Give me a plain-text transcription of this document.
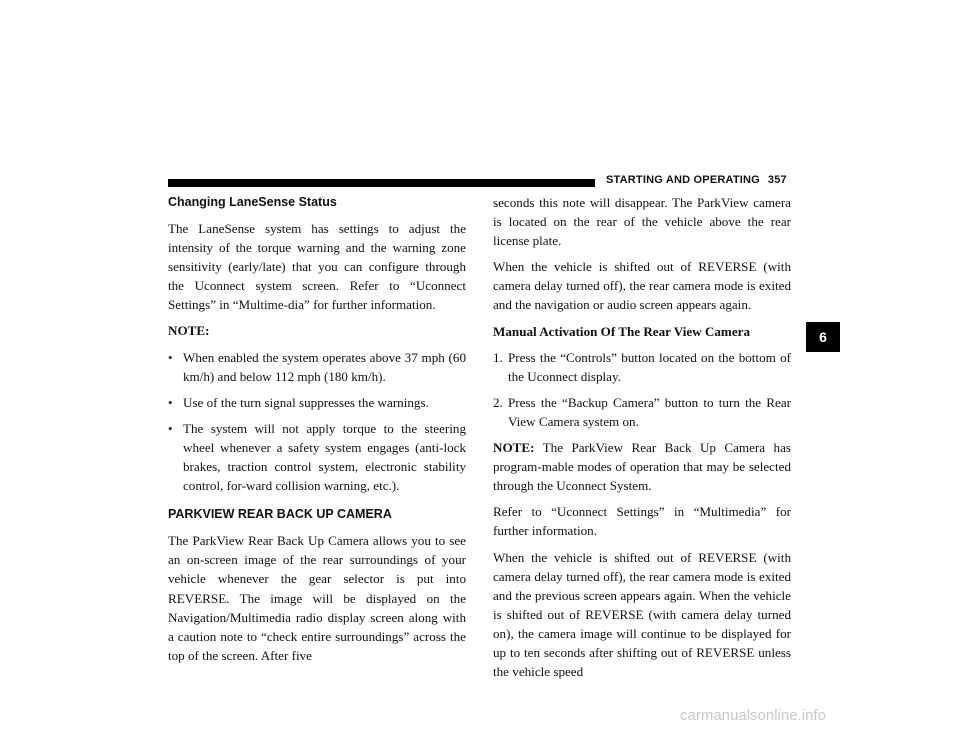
STARTING AND OPERATING 357
6
Changing LaneSense Status

The LaneSense system has settings to adjust the intensity of the torque warning and the warning zone sensitivity (early/late) that you can configure through the Uconnect system screen. Refer to “Uconnect Settings” in “Multime-dia” for further information.

NOTE:

• When enabled the system operates above 37 mph (60 km/h) and below 112 mph (180 km/h).
• Use of the turn signal suppresses the warnings.
• The system will not apply torque to the steering wheel whenever a safety system engages (anti-lock brakes, traction control system, electronic stability control, for-ward collision warning, etc.).
PARKVIEW REAR BACK UP CAMERA

The ParkView Rear Back Up Camera allows you to see an on-screen image of the rear surroundings of your vehicle whenever the gear selector is put into REVERSE. The image will be displayed on the Navigation/Multimedia radio display screen along with a caution note to “check entire surroundings” across the top of the screen. After five

seconds this note will disappear. The ParkView camera is located on the rear of the vehicle above the rear license plate.

When the vehicle is shifted out of REVERSE (with camera delay turned off), the rear camera mode is exited and the navigation or audio screen appears again.

Manual Activation Of The Rear View Camera

1. Press the “Controls” button located on the bottom of the Uconnect display.
2. Press the “Backup Camera” button to turn the Rear View Camera system on.

NOTE: The ParkView Rear Back Up Camera has program-mable modes of operation that may be selected through the Uconnect System.

Refer to “Uconnect Settings” in “Multimedia” for further information.

When the vehicle is shifted out of REVERSE (with camera delay turned off), the rear camera mode is exited and the previous screen appears again. When the vehicle is shifted out of REVERSE (with camera delay turned on), the camera image will continue to be displayed for up to ten seconds after shifting out of REVERSE unless the vehicle speed

carmanualsonline.info
